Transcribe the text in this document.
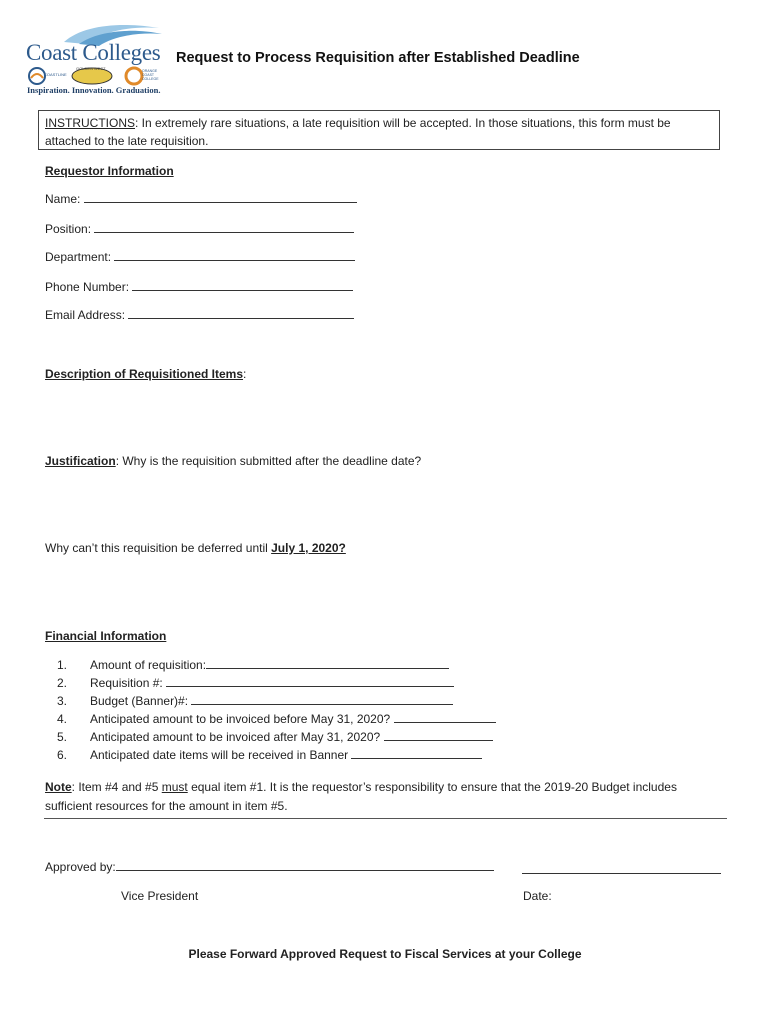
Coast Colleges
COASTLINE
GOLDEN WEST	ORANGE COAST COLLEGE
Inspiration. Innovation. Graduation.
Request to Process Requisition after Established Deadline
INSTRUCTIONS: In extremely rare situations, a late requisition will be accepted. In those situations, this form must be attached to the late requisition.
Requestor Information
Name:
Position:
Department:
Phone Number:
Email Address:
Description of Requisitioned Items:
Justification: Why is the requisition submitted after the deadline date?
Why can’t this requisition be deferred until July 1, 2020?
Financial Information
1. Amount of requisition:
2. Requisition #:
3. Budget (Banner)#:
4. Anticipated amount to be invoiced before May 31, 2020?
5. Anticipated amount to be invoiced after May 31, 2020?
6. Anticipated date items will be received in Banner
Note: Item #4 and #5 must equal item #1. It is the requestor’s responsibility to ensure that the 2019-20 Budget includes
sufficient resources for the amount in item #5.
Approved by:
Vice President	Date:
Please Forward Approved Request to Fiscal Services at your College
